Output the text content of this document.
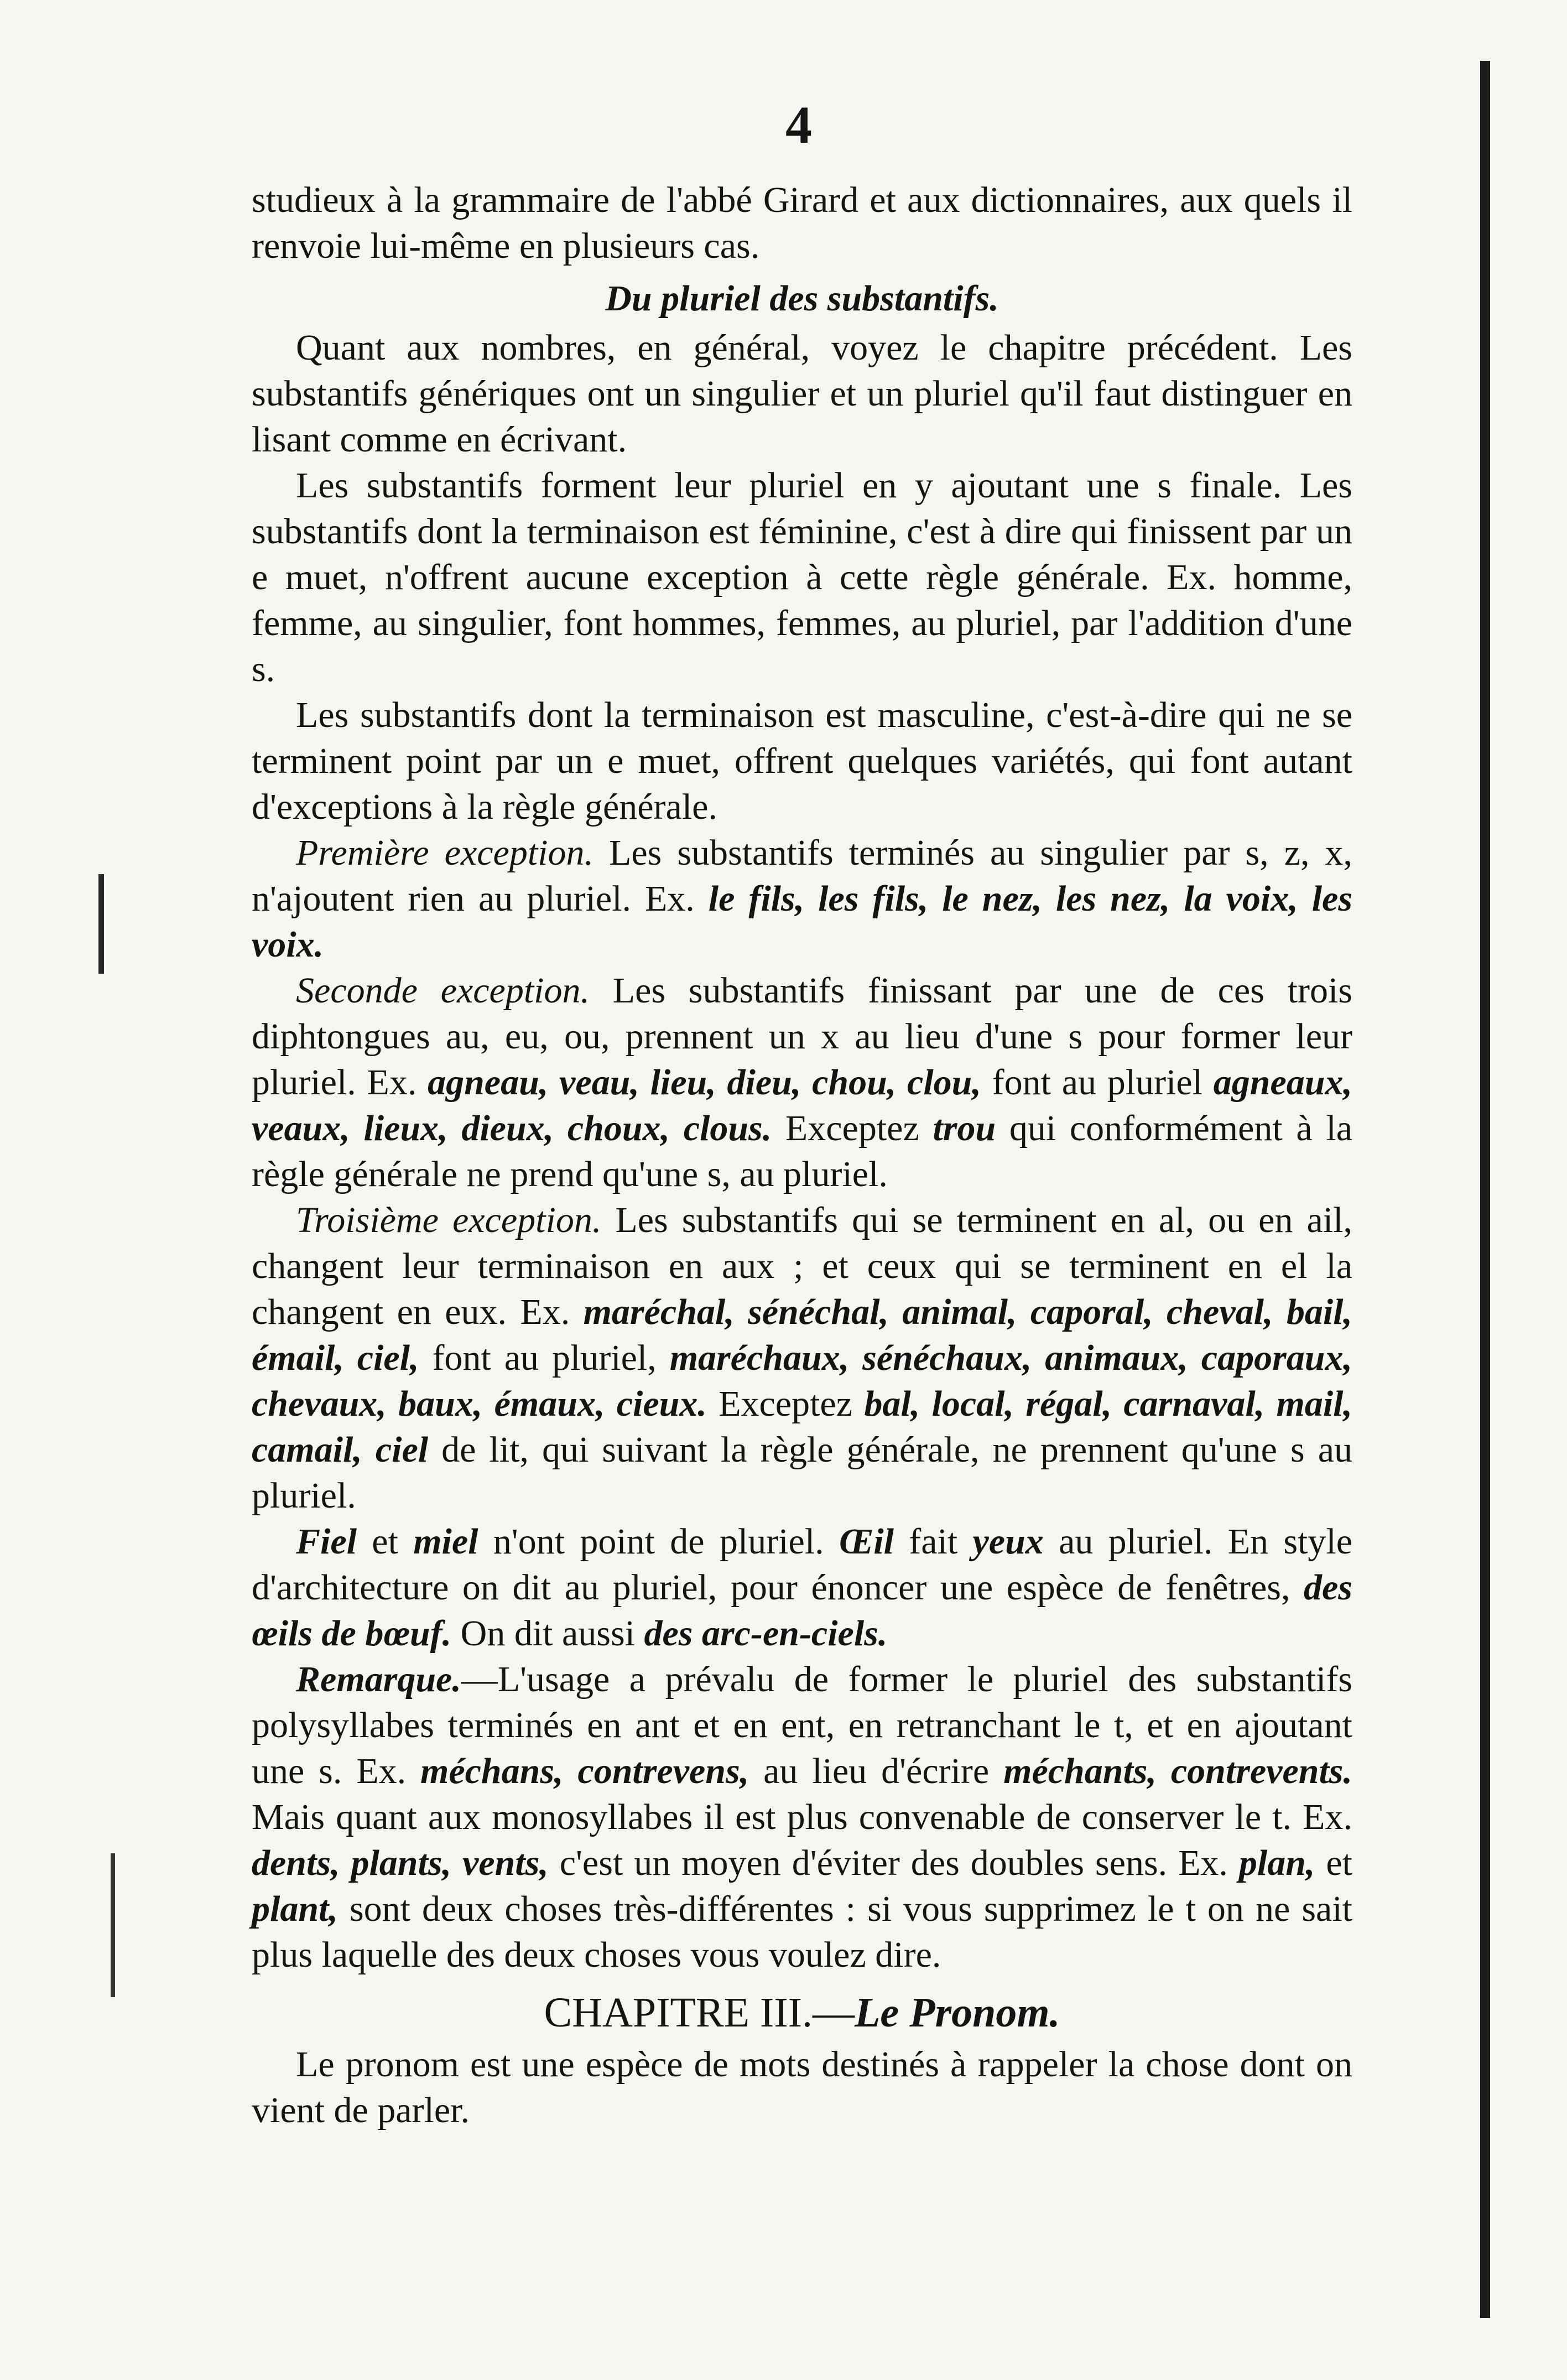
4

studieux à la grammaire de l'abbé Girard et aux dictionnaires, aux quels il renvoie lui-même en plusieurs cas.

Du pluriel des substantifs.

Quant aux nombres, en général, voyez le chapitre précédent. Les substantifs génériques ont un singulier et un pluriel qu'il faut distinguer en lisant comme en écrivant.

Les substantifs forment leur pluriel en y ajoutant une s finale. Les substantifs dont la terminaison est féminine, c'est à dire qui finissent par un e muet, n'offrent aucune exception à cette règle générale. Ex. homme, femme, au singulier, font hommes, femmes, au pluriel, par l'addition d'une s.

Les substantifs dont la terminaison est masculine, c'est-à-dire qui ne se terminent point par un e muet, offrent quelques variétés, qui font autant d'exceptions à la règle générale.

Première exception. Les substantifs terminés au singulier par s, z, x, n'ajoutent rien au pluriel. Ex. le fils, les fils, le nez, les nez, la voix, les voix.

Seconde exception. Les substantifs finissant par une de ces trois diphtongues au, eu, ou, prennent un x au lieu d'une s pour former leur pluriel. Ex. agneau, veau, lieu, dieu, chou, clou, font au pluriel agneaux, veaux, lieux, dieux, choux, clous. Exceptez trou qui conformément à la règle générale ne prend qu'une s, au pluriel.

Troisième exception. Les substantifs qui se terminent en al, ou en ail, changent leur terminaison en aux ; et ceux qui se terminent en el la changent en eux. Ex. maréchal, sénéchal, animal, caporal, cheval, bail, émail, ciel, font au pluriel, maréchaux, sénéchaux, animaux, caporaux, chevaux, baux, émaux, cieux. Exceptez bal, local, régal, carnaval, mail, camail, ciel de lit, qui suivant la règle générale, ne prennent qu'une s au pluriel.

Fiel et miel n'ont point de pluriel. Œil fait yeux au pluriel. En style d'architecture on dit au pluriel, pour énoncer une espèce de fenêtres, des œils de bœuf. On dit aussi des arc-en-ciels.

Remarque.—L'usage a prévalu de former le pluriel des substantifs polysyllabes terminés en ant et en ent, en retranchant le t, et en ajoutant une s. Ex. méchans, contrevens, au lieu d'écrire méchants, contrevents. Mais quant aux monosyllabes il est plus convenable de conserver le t. Ex. dents, plants, vents, c'est un moyen d'éviter des doubles sens. Ex. plan, et plant, sont deux choses très-différentes : si vous supprimez le t on ne sait plus laquelle des deux choses vous voulez dire.

CHAPITRE III.—Le Pronom.

Le pronom est une espèce de mots destinés à rappeler la chose dont on vient de parler.
